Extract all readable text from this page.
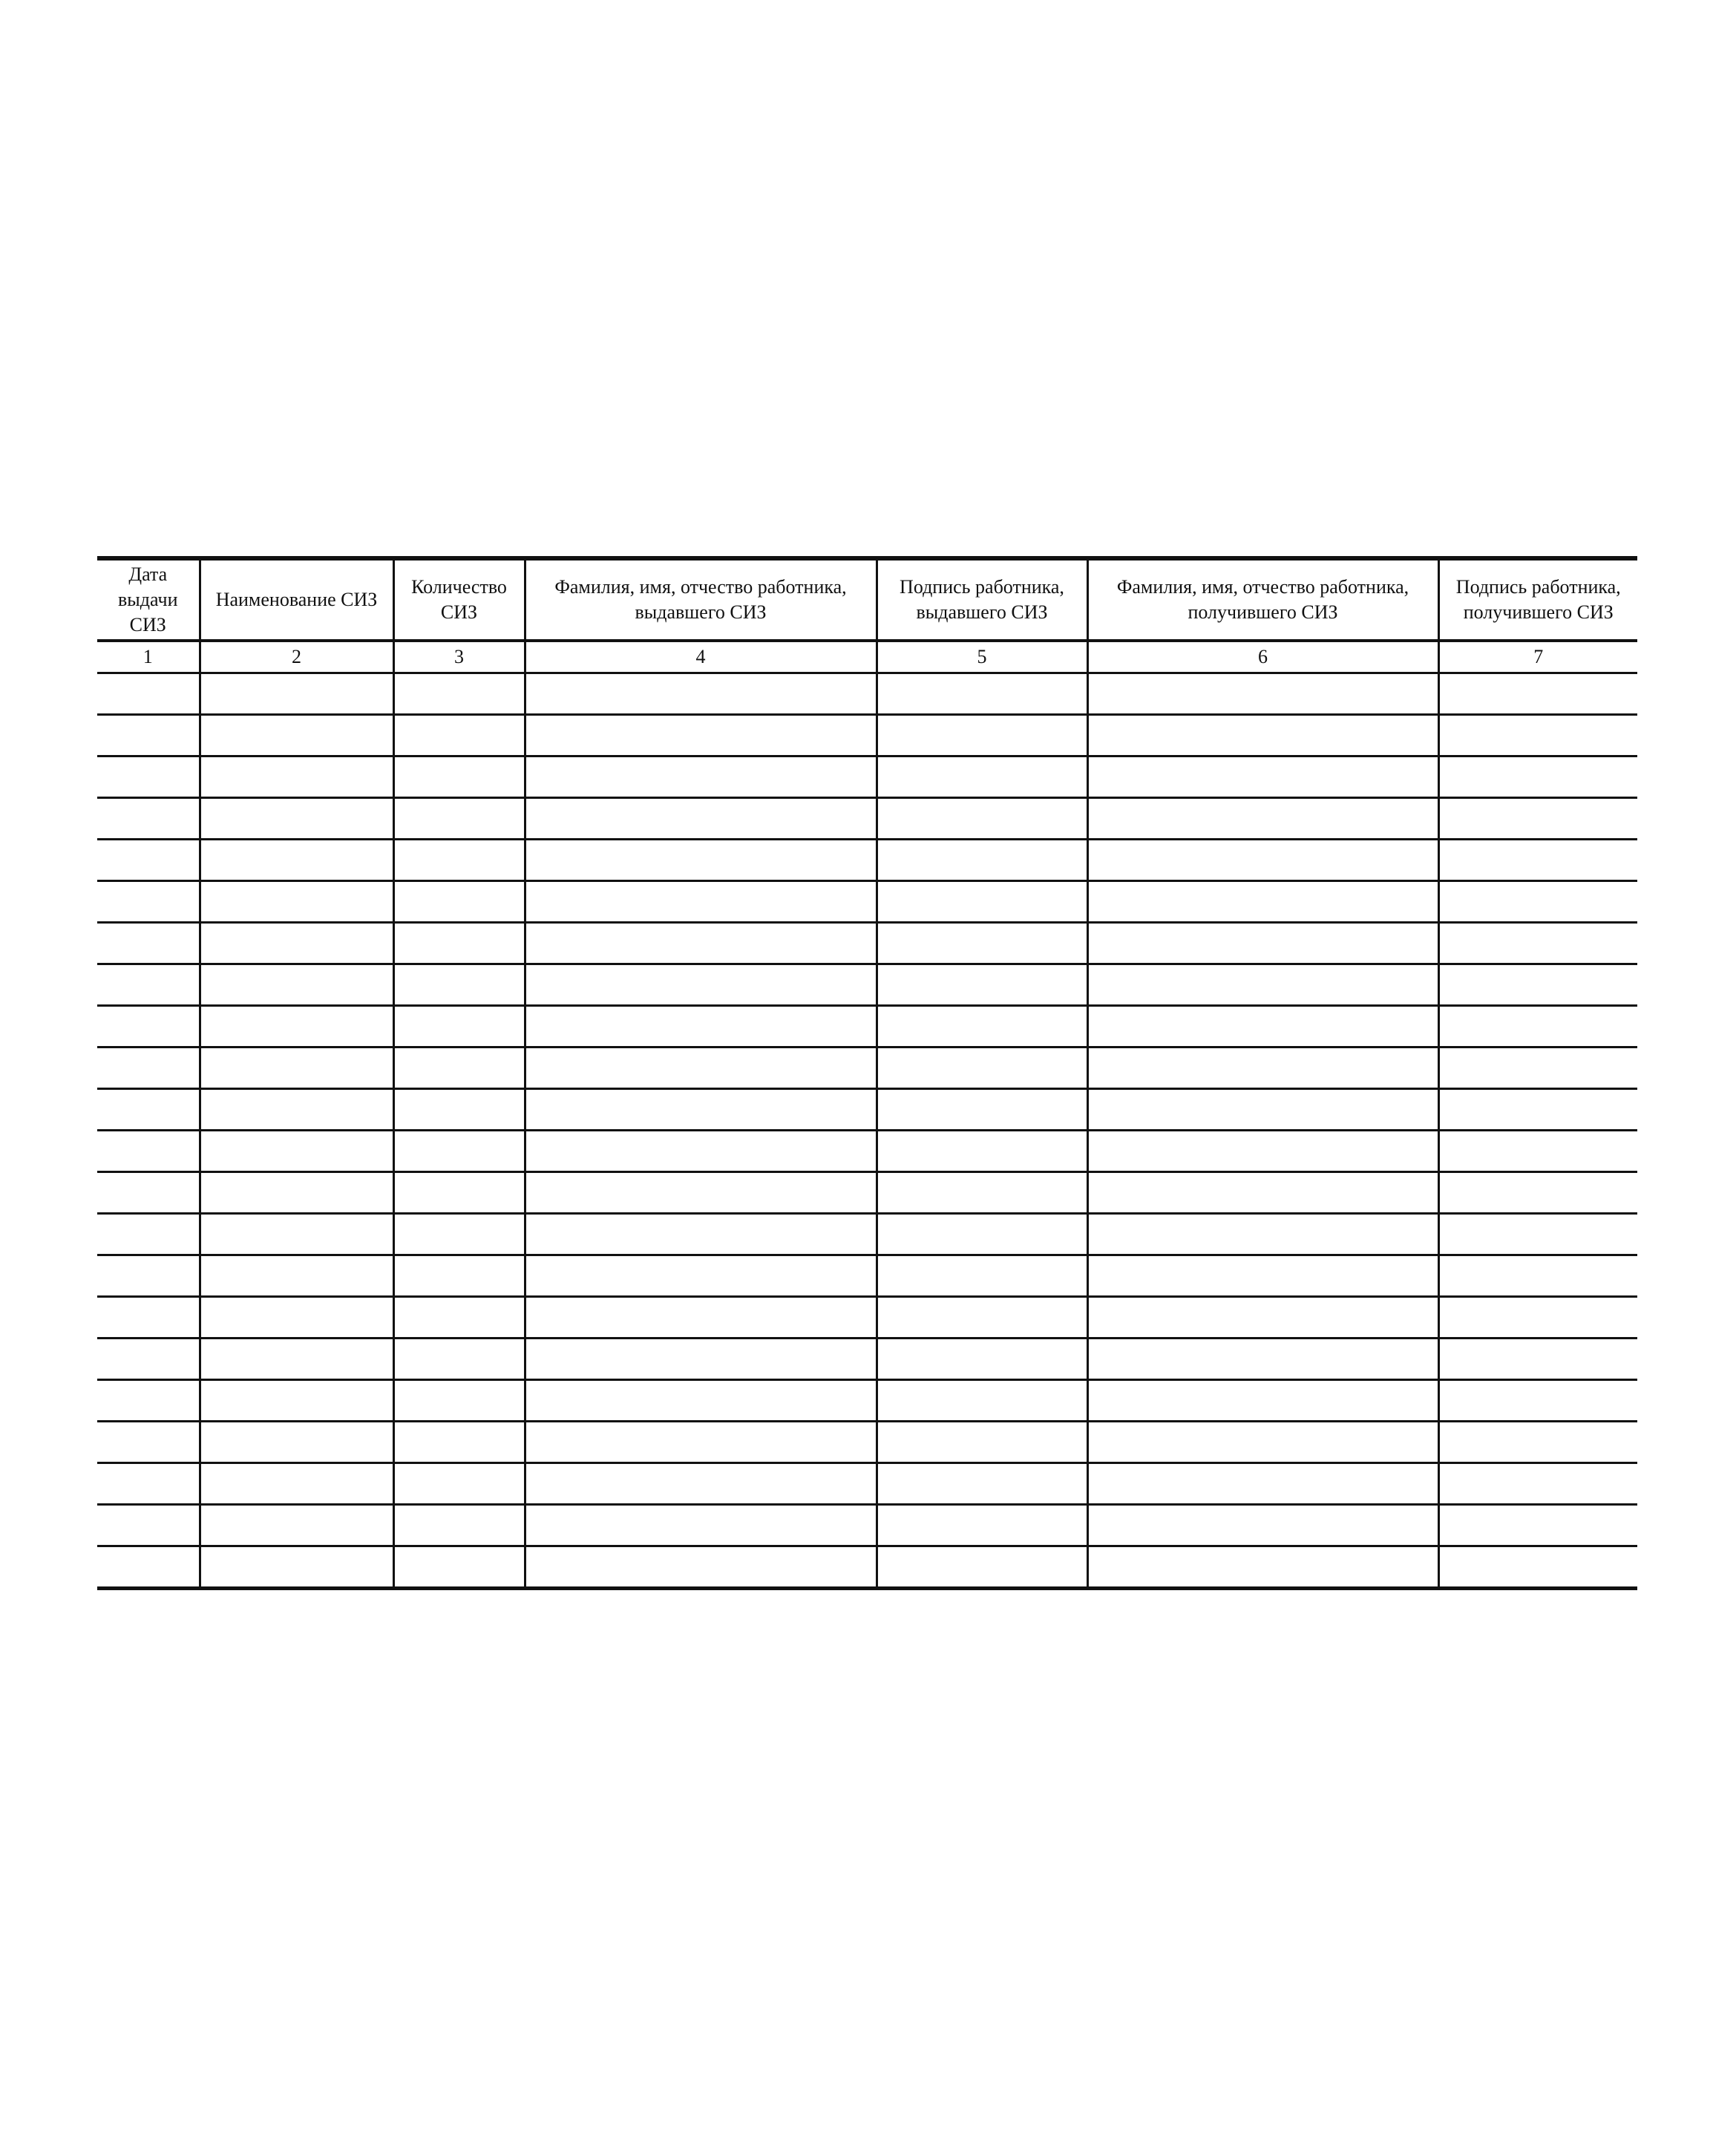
Дата выдачи СИЗ	Наименование СИЗ	Количество СИЗ	Фамилия, имя, отчество работника, выдавшего СИЗ	Подпись работника, выдавшего СИЗ	Фамилия, имя, отчество работника, получившего СИЗ	Подпись работника, получившего СИЗ
1	2	3	4	5	6	7
